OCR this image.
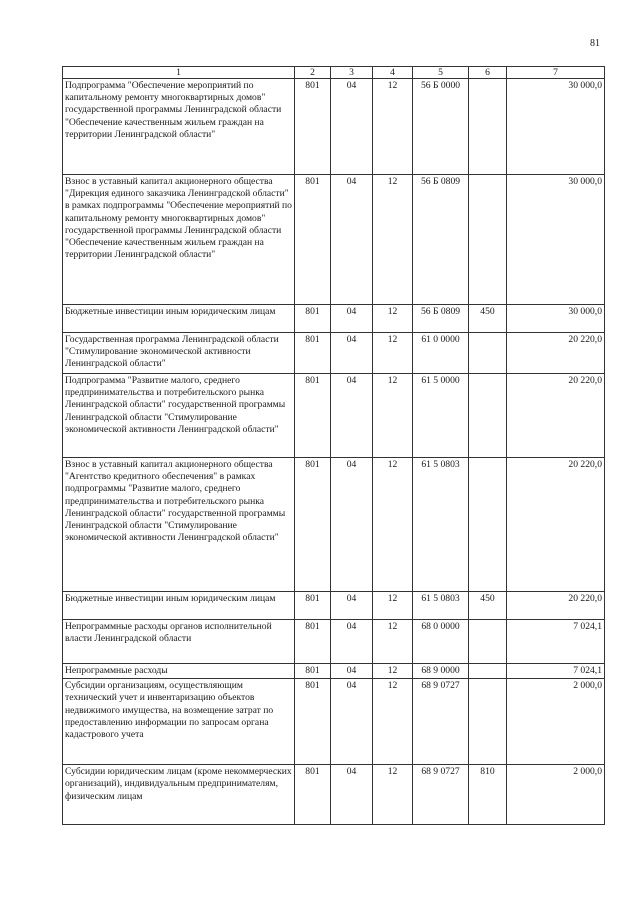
81
1	2	3	4	5	6	7
Подпрограмма "Обеспечение мероприятий по капитальному ремонту многоквартирных домов" государственной программы Ленинградской области "Обеспечение качественным жильем граждан на территории Ленинградской области"	801	04	12	56 Б 0000		30 000,0
Взнос в уставный капитал акционерного общества "Дирекция единого заказчика Ленинградской области" в рамках подпрограммы "Обеспечение мероприятий по капитальному ремонту многоквартирных домов" государственной программы Ленинградской области "Обеспечение качественным жильем граждан на территории Ленинградской области"	801	04	12	56 Б 0809		30 000,0
Бюджетные инвестиции иным юридическим лицам	801	04	12	56 Б 0809	450	30 000,0
Государственная программа Ленинградской области "Стимулирование экономической активности Ленинградской области"	801	04	12	61 0 0000		20 220,0
Подпрограмма "Развитие малого, среднего предпринимательства и потребительского рынка Ленинградской области" государственной программы Ленинградской области "Стимулирование экономической активности Ленинградской области"	801	04	12	61 5 0000		20 220,0
Взнос в уставный капитал акционерного общества "Агентство кредитного обеспечения" в рамках подпрограммы "Развитие малого, среднего предпринимательства и потребительского рынка Ленинградской области" государственной программы Ленинградской области "Стимулирование экономической активности Ленинградской области"	801	04	12	61 5 0803		20 220,0
Бюджетные инвестиции иным юридическим лицам	801	04	12	61 5 0803	450	20 220,0
Непрограммные расходы органов исполнительной власти Ленинградской области	801	04	12	68 0 0000		7 024,1
Непрограммные расходы	801	04	12	68 9 0000		7 024,1
Субсидии организациям, осуществляющим технический учет и инвентаризацию объектов недвижимого имущества, на возмещение затрат по предоставлению информации по запросам органа кадастрового учета	801	04	12	68 9 0727		2 000,0
Субсидии юридическим лицам (кроме некоммерческих организаций), индивидуальным предпринимателям, физическим лицам	801	04	12	68 9 0727	810	2 000,0
